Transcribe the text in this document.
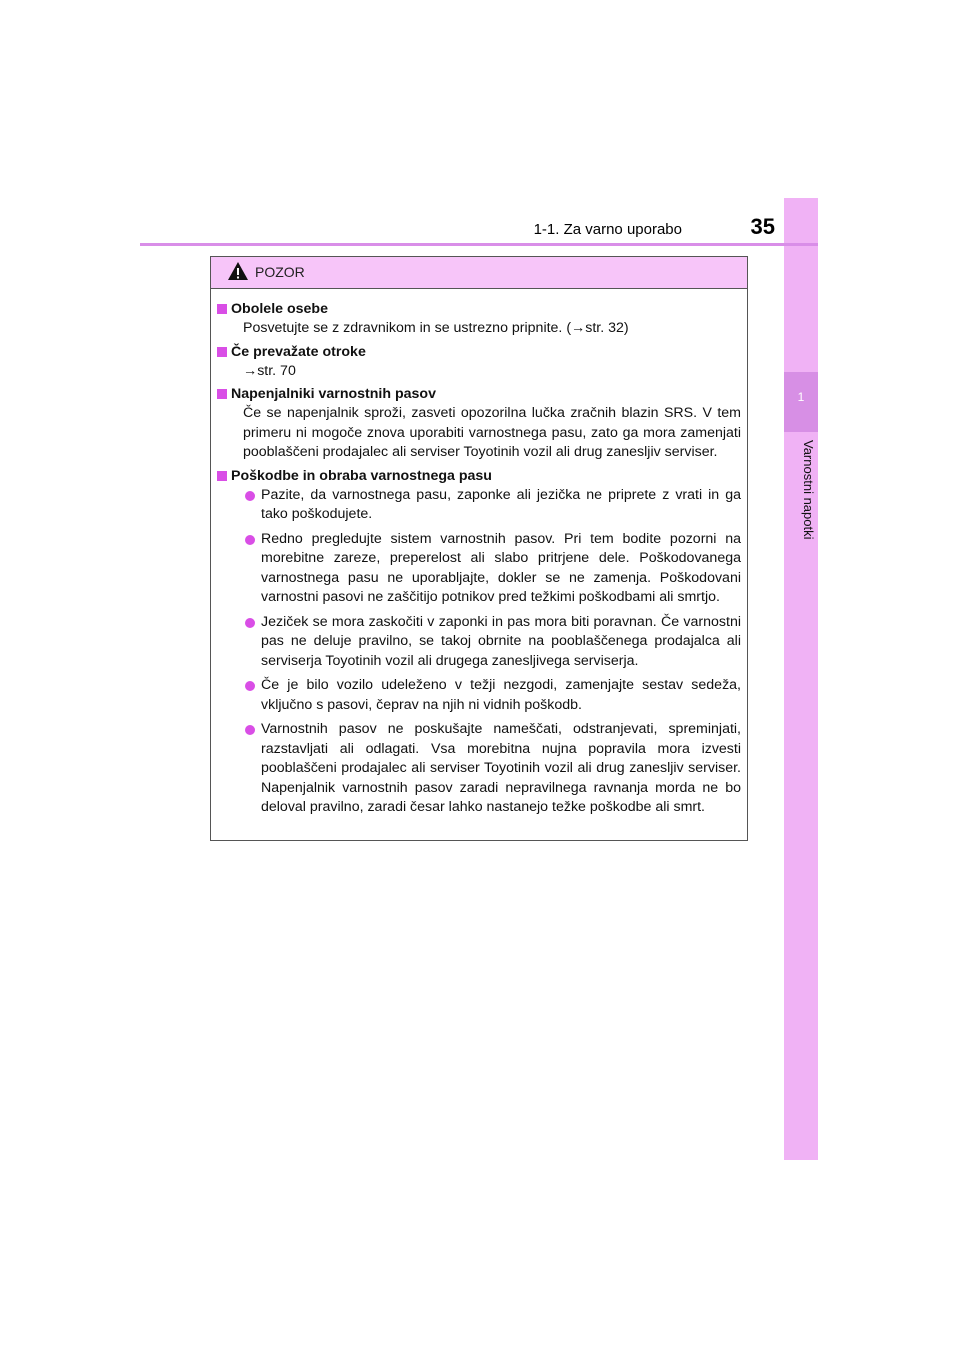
1
Varnostni napotki
1-1. Za varno uporabo	35
POZOR
Obolele osebe
Posvetujte se z zdravnikom in se ustrezno pripnite. (→str. 32)
Če prevažate otroke
→str. 70
Napenjalniki varnostnih pasov
Če se napenjalnik sproži, zasveti opozorilna lučka zračnih blazin SRS. V tem primeru ni mogoče znova uporabiti varnostnega pasu, zato ga mora zamenjati pooblaščeni prodajalec ali serviser Toyotinih vozil ali drug zanesljiv serviser.
Poškodbe in obraba varnostnega pasu
Pazite, da varnostnega pasu, zaponke ali jezička ne priprete z vrati in ga tako poškodujete.
Redno pregledujte sistem varnostnih pasov. Pri tem bodite pozorni na morebitne zareze, preperelost ali slabo pritrjene dele. Poškodovanega varnostnega pasu ne uporabljajte, dokler se ne zamenja. Poškodovani varnostni pasovi ne zaščitijo potnikov pred težkimi poškodbami ali smrtjo.
Jeziček se mora zaskočiti v zaponki in pas mora biti poravnan. Če varnostni pas ne deluje pravilno, se takoj obrnite na pooblaščenega prodajalca ali serviserja Toyotinih vozil ali drugega zanesljivega serviserja.
Če je bilo vozilo udeleženo v težji nezgodi, zamenjajte sestav sedeža, vključno s pasovi, čeprav na njih ni vidnih poškodb.
Varnostnih pasov ne poskušajte nameščati, odstranjevati, spreminjati, razstavljati ali odlagati. Vsa morebitna nujna popravila mora izvesti pooblaščeni prodajalec ali serviser Toyotinih vozil ali drug zanesljiv serviser. Napenjalnik varnostnih pasov zaradi nepravilnega ravnanja morda ne bo deloval pravilno, zaradi česar lahko nastanejo težke poškodbe ali smrt.
